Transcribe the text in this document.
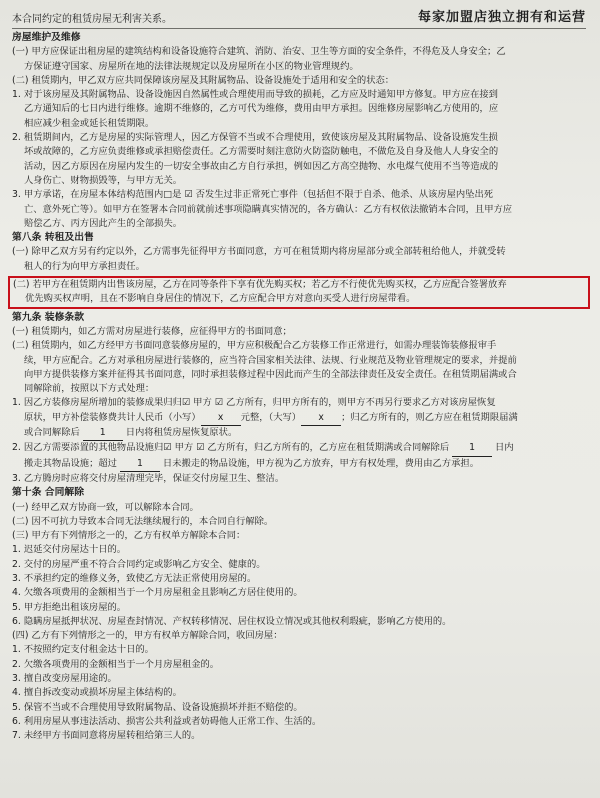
本合同约定的租赁房屋无利害关系。	每家加盟店独立拥有和运营
房屋维护及维修
(一) 甲方应保证出租房屋的建筑结构和设备设施符合建筑、消防、治安、卫生等方面的安全条件，不得危及人身安全；乙
方保证遵守国家、房屋所在地的法律法规规定以及房屋所在小区的物业管理规约。
(二) 租赁期内，甲乙双方应共同保障该房屋及其附属物品、设备设施处于适用和安全的状态：
1. 对于该房屋及其附属物品、设备设施因自然属性或合理使用而导致的损耗，乙方应及时通知甲方修复。甲方应在接到
乙方通知后的七日内进行维修。逾期不维修的，乙方可代为维修，费用由甲方承担。因维修房屋影响乙方使用的，应
相应减少租金或延长租赁期限。
2. 租赁期间内，乙方是房屋的实际管理人，因乙方保管不当或不合理使用，致使该房屋及其附属物品、设备设施发生损
坏或故障的，乙方应负责维修或承担赔偿责任。乙方需要时刻注意防火防盗防触电，不做危及自身及他人人身安全的
活动，因乙方原因在房屋内发生的一切安全事故由乙方自行承担，例如因乙方高空抛物、水电煤气使用不当等造成的
人身伤亡、财物损毁等，与甲方无关。
3. 甲方承诺，在房屋本体结构范围内□是 ☑ 否发生过非正常死亡事件（包括但不限于自杀、他杀、从该房屋内坠出死
亡、意外死亡等）。如甲方在签署本合同前就前述事项隐瞒真实情况的，各方确认：乙方有权依法撤销本合同，且甲方应
赔偿乙方、丙方因此产生的全部损失。
第八条 转租及出售
(一) 除甲乙双方另有约定以外，乙方需事先征得甲方书面同意，方可在租赁期内将房屋部分或全部转租给他人，并就受转
租人的行为向甲方承担责任。
(二) 若甲方在租赁期内出售该房屋，乙方在同等条件下享有优先购买权；若乙方不行使优先购买权，乙方应配合签署放弃
优先购买权声明，且在不影响自身居住的情况下，乙方应配合甲方对意向买受人进行房屋带看。
第九条 装修条款
(一) 租赁期内，如乙方需对房屋进行装修，应征得甲方的书面同意；
(二) 租赁期内，如乙方经甲方书面同意装修房屋的，甲方应积极配合乙方装修工作正常进行，如需办理装饰装修报审手
续，甲方应配合。乙方对承租房屋进行装修的，应当符合国家相关法律、法规、行业规范及物业管理规定的要求，并提前
向甲方提供装修方案并征得其书面同意，同时承担装修过程中因此而产生的全部法律责任及安全责任。在租赁期届满或合
同解除前，按照以下方式处理：
1. 因乙方装修房屋所增加的装修成果归归☑ 甲方 ☑ 乙方所有，归甲方所有的，则甲方不再另行要求乙方对该房屋恢复
原状，甲方补偿装修费共计人民币（小写） x 元整，（大写） x ；归乙方所有的，则乙方应在租赁期限届满
或合同解除后 1 日内将租赁房屋恢复原状。
2. 因乙方需要添置的其他物品设施归☑ 甲方 ☑ 乙方所有，归乙方所有的，乙方应在租赁期满或合同解除后 1 日内
搬走其物品设施；超过 1 日未搬走的物品设施，甲方视为乙方放弃，甲方有权处理，费用由乙方承担。
3. 乙方腾房时应将交付房屋清理完毕，保证交付房屋卫生、整洁。
第十条 合同解除
(一) 经甲乙双方协商一致，可以解除本合同。
(二) 因不可抗力导致本合同无法继续履行的，本合同自行解除。
(三) 甲方有下列情形之一的，乙方有权单方解除本合同：
1. 迟延交付房屋达十日的。
2. 交付的房屋严重不符合合同约定或影响乙方安全、健康的。
3. 不承担约定的维修义务，致使乙方无法正常使用房屋的。
4. 欠缴各项费用的金额相当于一个月房屋租金且影响乙方居住使用的。
5. 甲方拒绝出租该房屋的。
6. 隐瞒房屋抵押状况、房屋查封情况、产权转移情况、居住权设立情况或其他权利瑕疵，影响乙方使用的。
(四) 乙方有下列情形之一的，甲方有权单方解除合同，收回房屋：
1. 不按照约定支付租金达十日的。
2. 欠缴各项费用的金额相当于一个月房屋租金的。
3. 擅自改变房屋用途的。
4. 擅自拆改变动或损坏房屋主体结构的。
5. 保管不当或不合理使用导致附属物品、设备设施损坏并拒不赔偿的。
6. 利用房屋从事违法活动、损害公共利益或者妨碍他人正常工作、生活的。
7. 未经甲方书面同意将房屋转租给第三人的。
